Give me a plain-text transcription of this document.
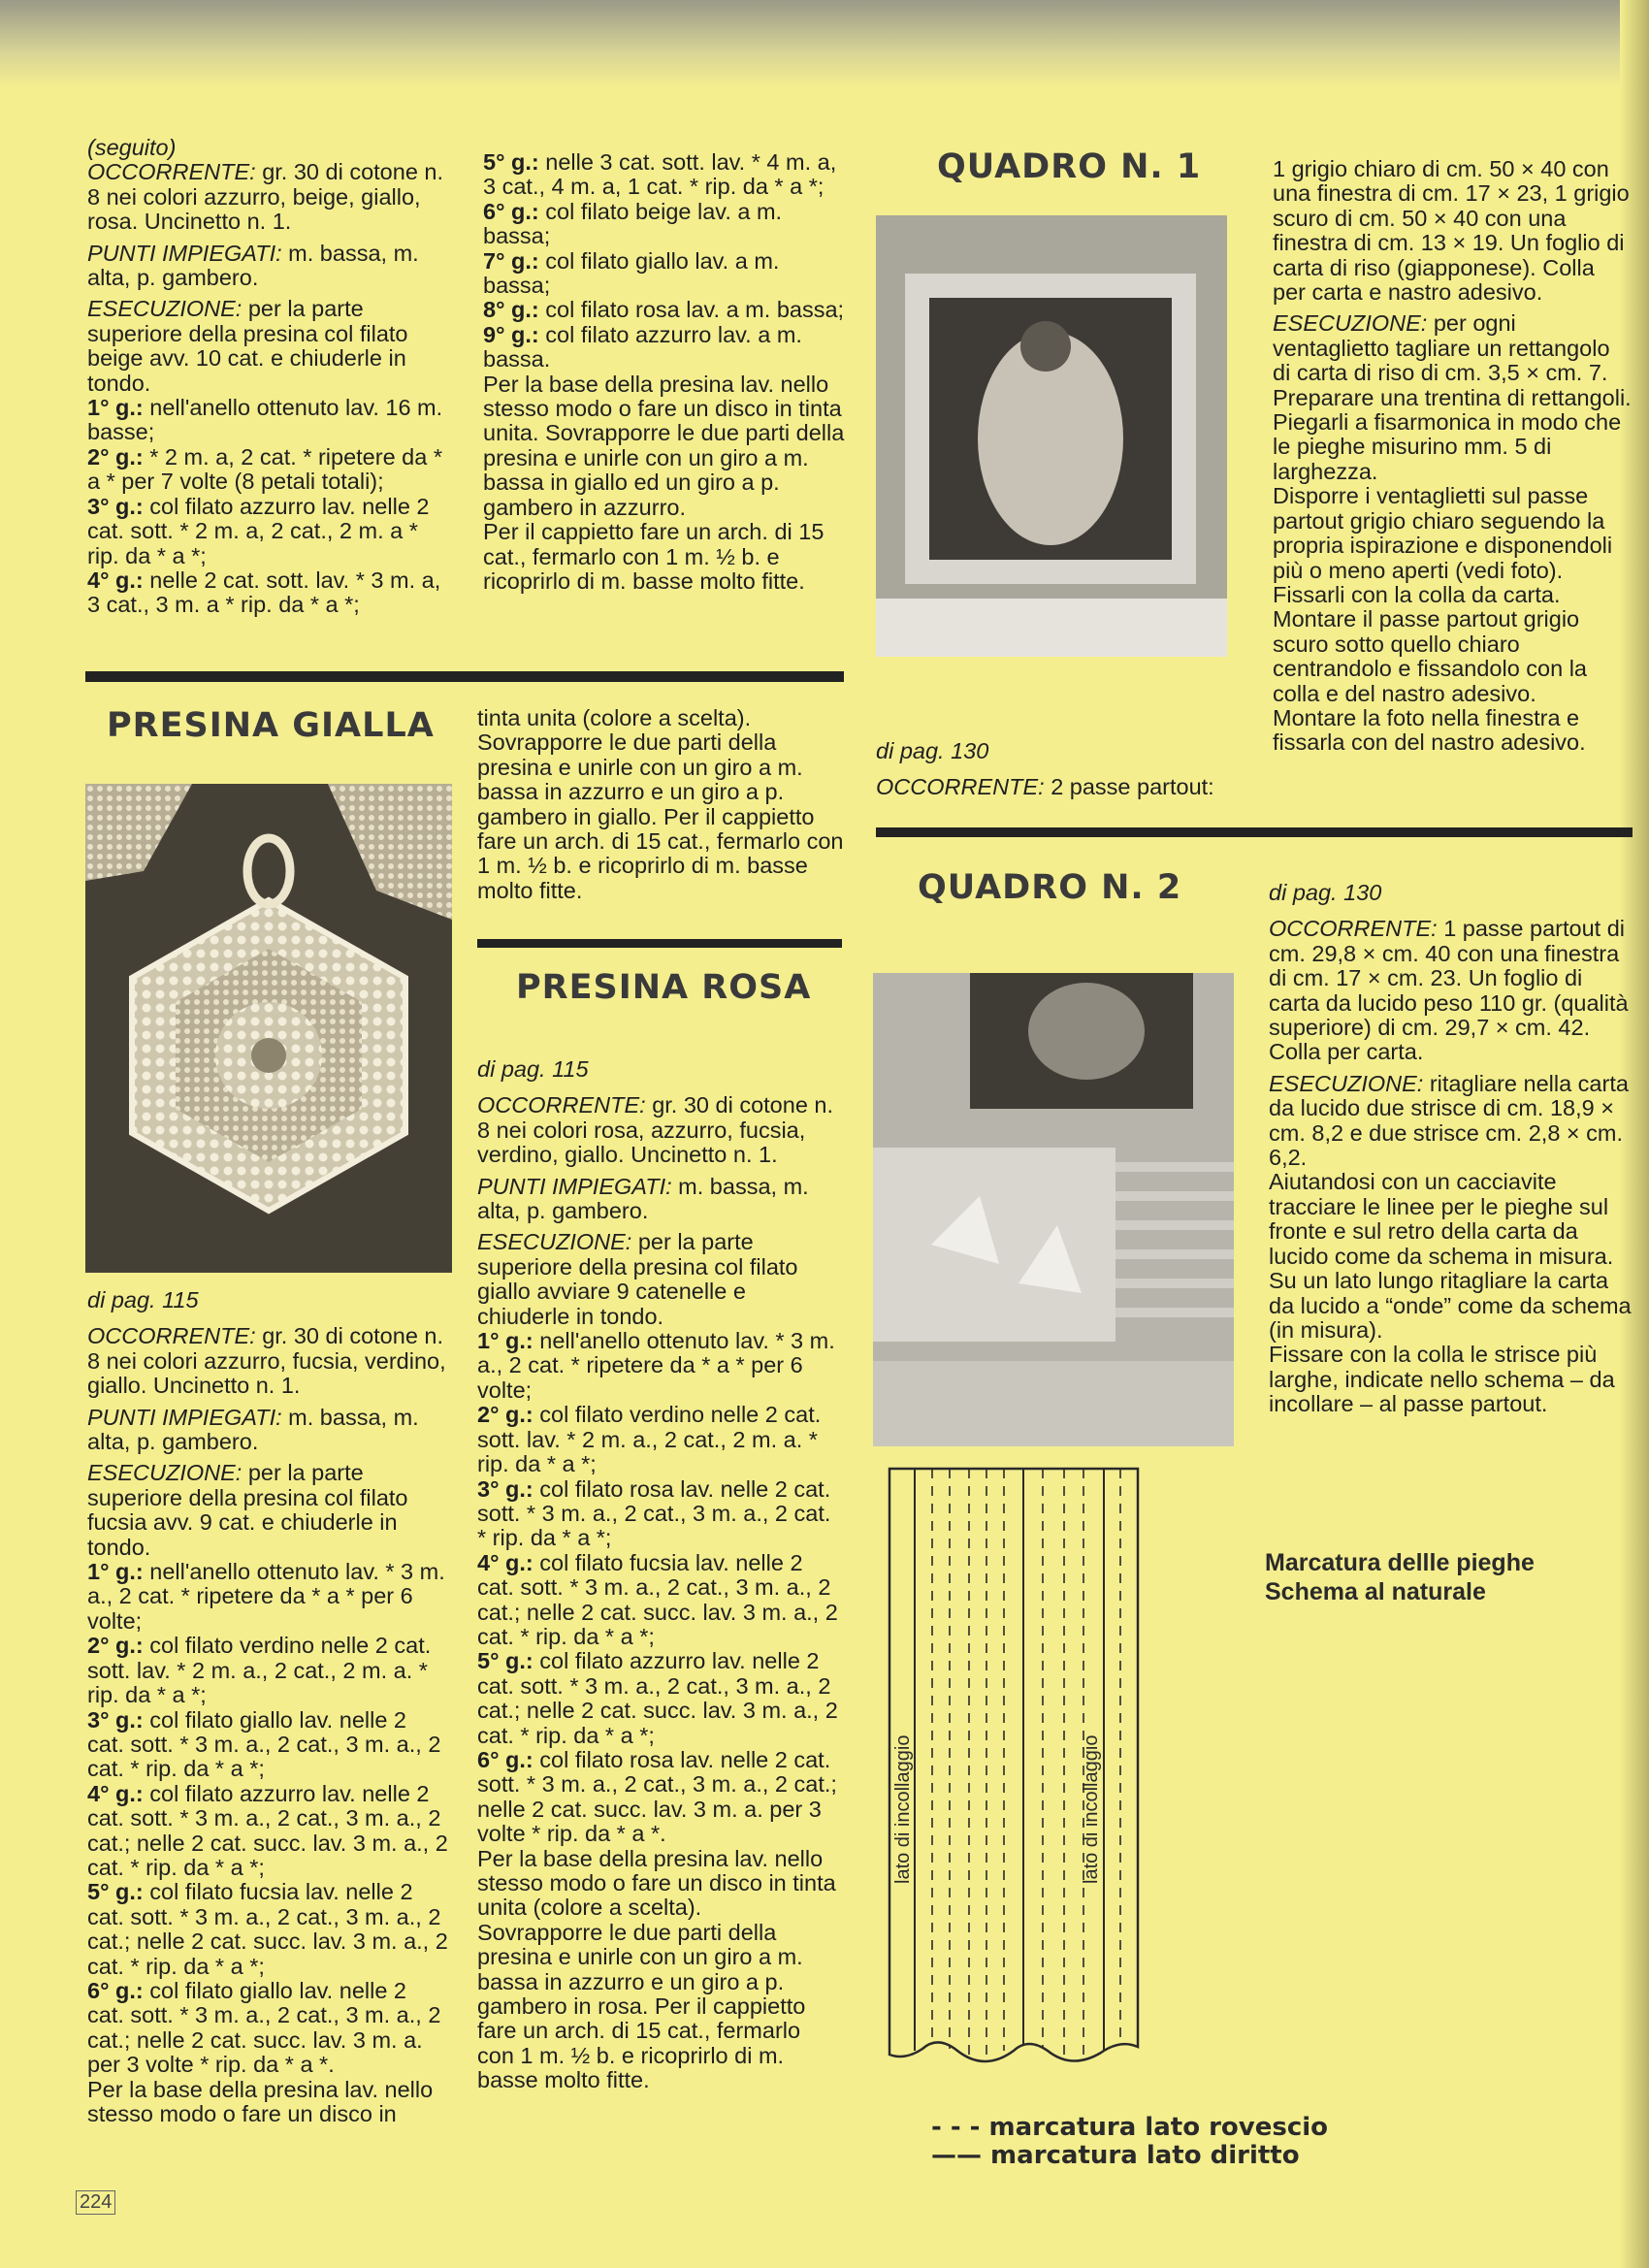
(seguito)

OCCORRENTE: gr. 30 di cotone n. 8 nei colori azzurro, beige, giallo, rosa. Uncinetto n. 1.

PUNTI IMPIEGATI: m. bassa, m. alta, p. gambero.

ESECUZIONE: per la parte superiore della presina col filato beige avv. 10 cat. e chiuderle in tondo.

1° g.: nell'anello ottenuto lav. 16 m. basse;

2° g.: * 2 m. a, 2 cat. * ripetere da * a * per 7 volte (8 petali totali);

3° g.: col filato azzurro lav. nelle 2 cat. sott. * 2 m. a, 2 cat., 2 m. a * rip. da * a *;

4° g.: nelle 2 cat. sott. lav. * 3 m. a, 3 cat., 3 m. a * rip. da * a *;

5° g.: nelle 3 cat. sott. lav. * 4 m. a, 3 cat., 4 m. a, 1 cat. * rip. da * a *;

6° g.: col filato beige lav. a m. bassa;

7° g.: col filato giallo lav. a m. bassa;

8° g.: col filato rosa lav. a m. bassa;

9° g.: col filato azzurro lav. a m. bassa.

Per la base della presina lav. nello stesso modo o fare un disco in tinta unita. Sovrapporre le due parti della presina e unirle con un giro a m. bassa in giallo ed un giro a p. gambero in azzurro.

Per il cappietto fare un arch. di 15 cat., fermarlo con 1 m. ½ b. e ricoprirlo di m. basse molto fitte.

PRESINA GIALLA tinta unita (colore a scelta). Sovrapporre le due parti della presina e unirle con un giro a m. bassa in azzurro e un giro a p. gambero in giallo. Per il cappietto fare un arch. di 15 cat., fermarlo con 1 m. ½ b. e ricoprirlo di m. basse molto fitte.

di pag. 115

OCCORRENTE: gr. 30 di cotone n. 8 nei colori azzurro, fucsia, verdino, giallo. Uncinetto n. 1.

PUNTI IMPIEGATI: m. bassa, m. alta, p. gambero.

ESECUZIONE: per la parte superiore della presina col filato fucsia avv. 9 cat. e chiuderle in tondo.

1° g.: nell'anello ottenuto lav. * 3 m. a., 2 cat. * ripetere da * a * per 6 volte;

2° g.: col filato verdino nelle 2 cat. sott. lav. * 2 m. a., 2 cat., 2 m. a. * rip. da * a *;

3° g.: col filato giallo lav. nelle 2 cat. sott. * 3 m. a., 2 cat., 3 m. a., 2 cat. * rip. da * a *;

4° g.: col filato azzurro lav. nelle 2 cat. sott. * 3 m. a., 2 cat., 3 m. a., 2 cat.; nelle 2 cat. succ. lav. 3 m. a., 2 cat. * rip. da * a *;

5° g.: col filato fucsia lav. nelle 2 cat. sott. * 3 m. a., 2 cat., 3 m. a., 2 cat.; nelle 2 cat. succ. lav. 3 m. a., 2 cat. * rip. da * a *;

6° g.: col filato giallo lav. nelle 2 cat. sott. * 3 m. a., 2 cat., 3 m. a., 2 cat.; nelle 2 cat. succ. lav. 3 m. a. per 3 volte * rip. da * a *.

Per la base della presina lav. nello stesso modo o fare un disco in

PRESINA ROSA

di pag. 115

OCCORRENTE: gr. 30 di cotone n. 8 nei colori rosa, azzurro, fucsia, verdino, giallo. Uncinetto n. 1.

PUNTI IMPIEGATI: m. bassa, m. alta, p. gambero.

ESECUZIONE: per la parte superiore della presina col filato giallo avviare 9 catenelle e chiuderle in tondo.

1° g.: nell'anello ottenuto lav. * 3 m. a., 2 cat. * ripetere da * a * per 6 volte;

2° g.: col filato verdino nelle 2 cat. sott. lav. * 2 m. a., 2 cat., 2 m. a. * rip. da * a *;

3° g.: col filato rosa lav. nelle 2 cat. sott. * 3 m. a., 2 cat., 3 m. a., 2 cat. * rip. da * a *;

4° g.: col filato fucsia lav. nelle 2 cat. sott. * 3 m. a., 2 cat., 3 m. a., 2 cat.; nelle 2 cat. succ. lav. 3 m. a., 2 cat. * rip. da * a *;

5° g.: col filato azzurro lav. nelle 2 cat. sott. * 3 m. a., 2 cat., 3 m. a., 2 cat.; nelle 2 cat. succ. lav. 3 m. a., 2 cat. * rip. da * a *;

6° g.: col filato rosa lav. nelle 2 cat. sott. * 3 m. a., 2 cat., 3 m. a., 2 cat.; nelle 2 cat. succ. lav. 3 m. a. per 3 volte * rip. da * a *.

Per la base della presina lav. nello stesso modo o fare un disco in tinta unita (colore a scelta).

Sovrapporre le due parti della presina e unirle con un giro a m. bassa in azzurro e un giro a p. gambero in rosa. Per il cappietto fare un arch. di 15 cat., fermarlo con 1 m. ½ b. e ricoprirlo di m. basse molto fitte.

QUADRO N. 1

di pag. 130

OCCORRENTE: 2 passe partout:

1 grigio chiaro di cm. 50 × 40 con una finestra di cm. 17 × 23, 1 grigio scuro di cm. 50 × 40 con una finestra di cm. 13 × 19. Un foglio di carta di riso (giapponese). Colla per carta e nastro adesivo.

ESECUZIONE: per ogni ventaglietto tagliare un rettangolo di carta di riso di cm. 3,5 × cm. 7. Preparare una trentina di rettangoli. Piegarli a fisarmonica in modo che le pieghe misurino mm. 5 di larghezza.

Disporre i ventaglietti sul passe partout grigio chiaro seguendo la propria ispirazione e disponendoli più o meno aperti (vedi foto). Fissarli con la colla da carta.

Montare il passe partout grigio scuro sotto quello chiaro centrandolo e fissandolo con la colla e del nastro adesivo.

Montare la foto nella finestra e fissarla con del nastro adesivo.

QUADRO N. 2	di pag. 130

OCCORRENTE: 1 passe partout di cm. 29,8 × cm. 40 con una finestra di cm. 17 × cm. 23. Un foglio di carta da lucido peso 110 gr. (qualità superiore) di cm. 29,7 × cm. 42. Colla per carta.

ESECUZIONE: ritagliare nella carta da lucido due strisce di cm. 18,9 × cm. 8,2 e due strisce cm. 2,8 × cm. 6,2.

Aiutandosi con un cacciavite tracciare le linee per le pieghe sul fronte e sul retro della carta da lucido come da schema in misura. Su un lato lungo ritagliare la carta da lucido a “onde” come da schema (in misura).

Fissare con la colla le strisce più larghe, indicate nello schema – da incollare – al passe partout.

Marcatura dellle pieghe
Schema al naturale
lato di incollaggio	lato di incollaggio
- - - marcatura lato rovescio
—— marcatura lato diritto
224
